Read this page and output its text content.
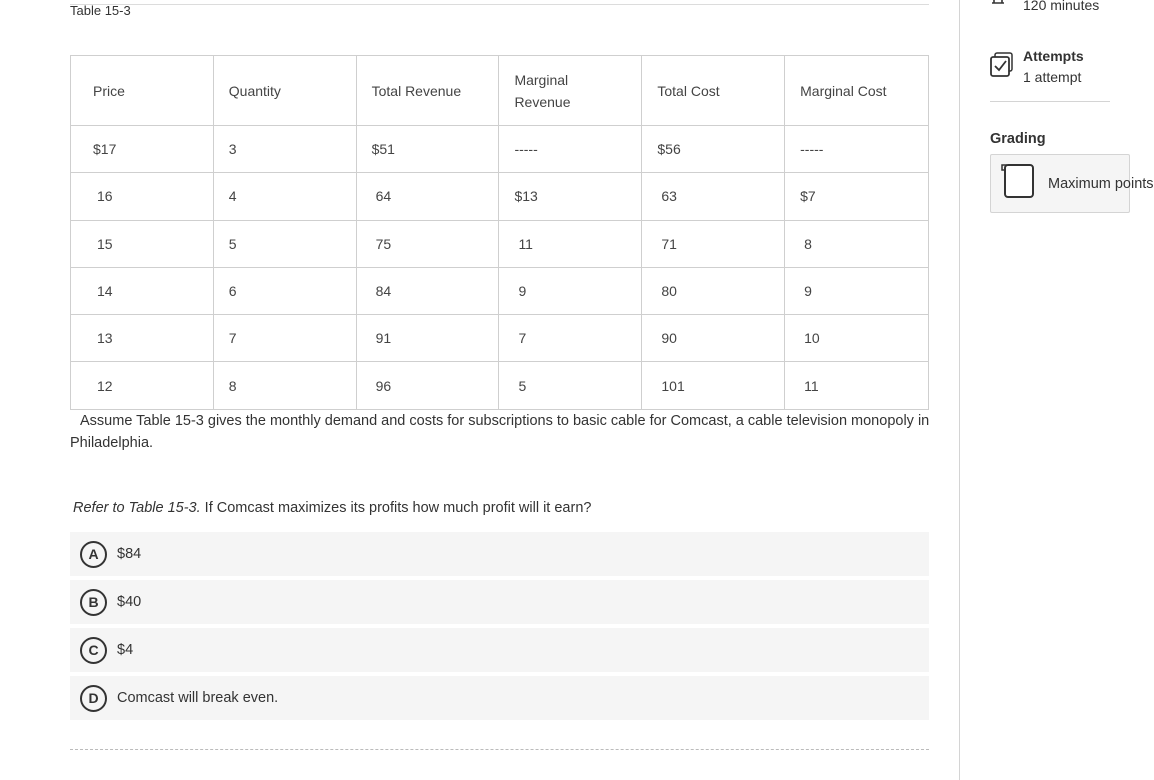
Table 15-3
Price	Quantity	Total Revenue	Marginal Revenue	Total Cost	Marginal Cost
$17	3	$51	-----	$56	-----
16	4	64	$13	63	$7
15	5	75	11	71	8
14	6	84	9	80	9
13	7	91	7	90	10
12	8	96	5	101	11
Assume Table 15-3 gives the monthly demand and costs for subscriptions to basic cable for Comcast, a cable television monopoly in Philadelphia.
Refer to Table 15-3. If Comcast maximizes its profits how much profit will it earn?
A	$84
B	$40
C	$4
D	Comcast will break even.
120 minutes
Attempts
1 attempt
Grading
Maximum points
